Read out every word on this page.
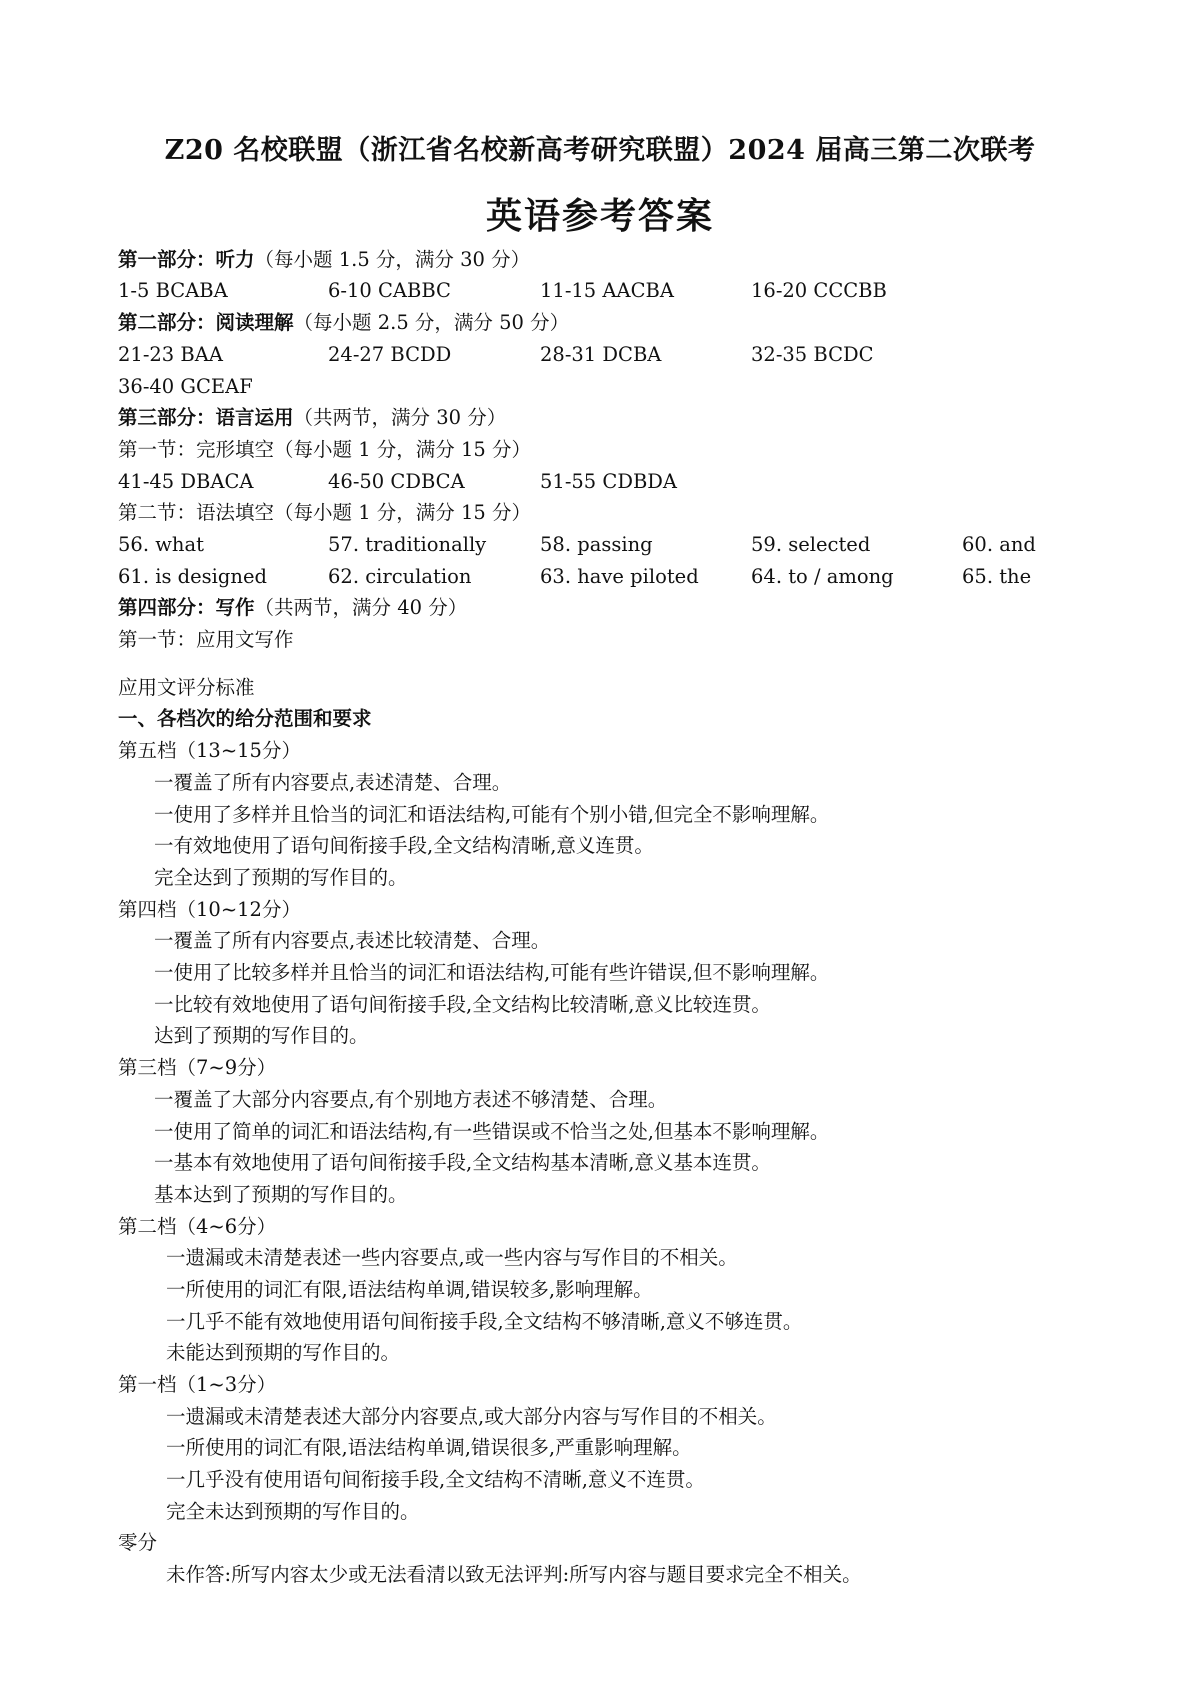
Z20 名校联盟（浙江省名校新高考研究联盟）2024 届高三第二次联考
英语参考答案
第一部分：听力（每小题 1.5 分，满分 30 分）
1-5 BCABA	6-10 CABBC	11-15 AACBA	16-20 CCCBB
第二部分：阅读理解（每小题 2.5 分，满分 50 分）
21-23 BAA	24-27 BCDD	28-31 DCBA	32-35 BCDC
36-40 GCEAF
第三部分：语言运用（共两节，满分 30 分）
第一节：完形填空（每小题 1 分，满分 15 分）
41-45 DBACA	46-50 CDBCA	51-55 CDBDA
第二节：语法填空（每小题 1 分，满分 15 分）
56. what	57. traditionally	58. passing	59. selected	60. and
61. is designed	62. circulation	63. have piloted	64. to / among	65. the
第四部分：写作（共两节，满分 40 分）
第一节：应用文写作
应用文评分标准
一、各档次的给分范围和要求
第五档（13~15分）
一覆盖了所有内容要点,表述清楚、合理。
一使用了多样并且恰当的词汇和语法结构,可能有个别小错,但完全不影响理解。
一有效地使用了语句间衔接手段,全文结构清晰,意义连贯。
完全达到了预期的写作目的。
第四档（10~12分）
一覆盖了所有内容要点,表述比较清楚、合理。
一使用了比较多样并且恰当的词汇和语法结构,可能有些许错误,但不影响理解。
一比较有效地使用了语句间衔接手段,全文结构比较清晰,意义比较连贯。
达到了预期的写作目的。
第三档（7~9分）
一覆盖了大部分内容要点,有个别地方表述不够清楚、合理。
一使用了简单的词汇和语法结构,有一些错误或不恰当之处,但基本不影响理解。
一基本有效地使用了语句间衔接手段,全文结构基本清晰,意义基本连贯。
基本达到了预期的写作目的。
第二档（4~6分）
一遗漏或未清楚表述一些内容要点,或一些内容与写作目的不相关。
一所使用的词汇有限,语法结构单调,错误较多,影响理解。
一几乎不能有效地使用语句间衔接手段,全文结构不够清晰,意义不够连贯。
未能达到预期的写作目的。
第一档（1~3分）
一遗漏或未清楚表述大部分内容要点,或大部分内容与写作目的不相关。
一所使用的词汇有限,语法结构单调,错误很多,严重影响理解。
一几乎没有使用语句间衔接手段,全文结构不清晰,意义不连贯。
完全未达到预期的写作目的。
零分
未作答:所写内容太少或无法看清以致无法评判:所写内容与题目要求完全不相关。
